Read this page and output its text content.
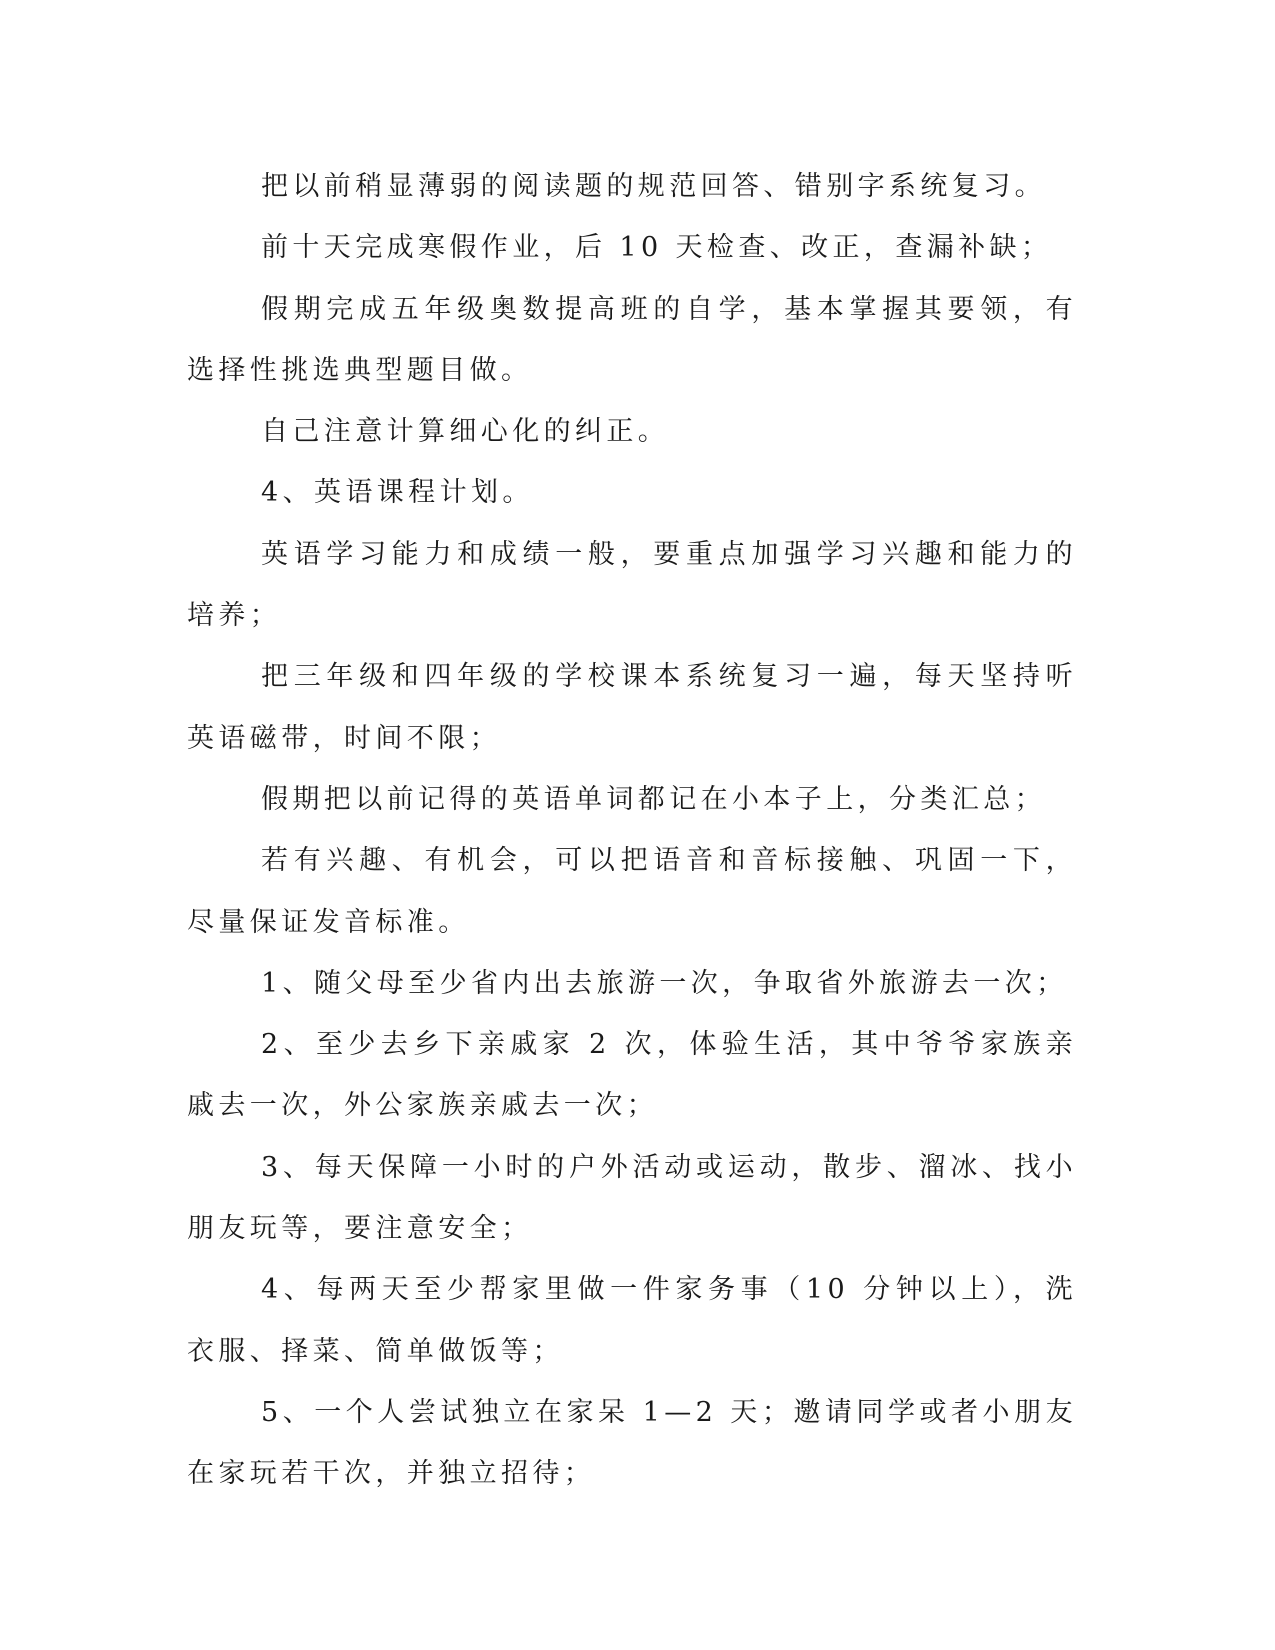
把以前稍显薄弱的阅读题的规范回答、错别字系统复习。

前十天完成寒假作业，后 10 天检查、改正，查漏补缺；

假期完成五年级奥数提高班的自学，基本掌握其要领，有选择性挑选典型题目做。

自己注意计算细心化的纠正。

4、英语课程计划。

英语学习能力和成绩一般，要重点加强学习兴趣和能力的培养；

把三年级和四年级的学校课本系统复习一遍，每天坚持听英语磁带，时间不限；

假期把以前记得的英语单词都记在小本子上，分类汇总；

若有兴趣、有机会，可以把语音和音标接触、巩固一下，尽量保证发音标准。

1、随父母至少省内出去旅游一次，争取省外旅游去一次；

2、至少去乡下亲戚家 2 次，体验生活，其中爷爷家族亲戚去一次，外公家族亲戚去一次；

3、每天保障一小时的户外活动或运动，散步、溜冰、找小朋友玩等，要注意安全；

4、每两天至少帮家里做一件家务事（10 分钟以上），洗衣服、择菜、简单做饭等；

5、一个人尝试独立在家呆 1—2 天；邀请同学或者小朋友在家玩若干次，并独立招待；
